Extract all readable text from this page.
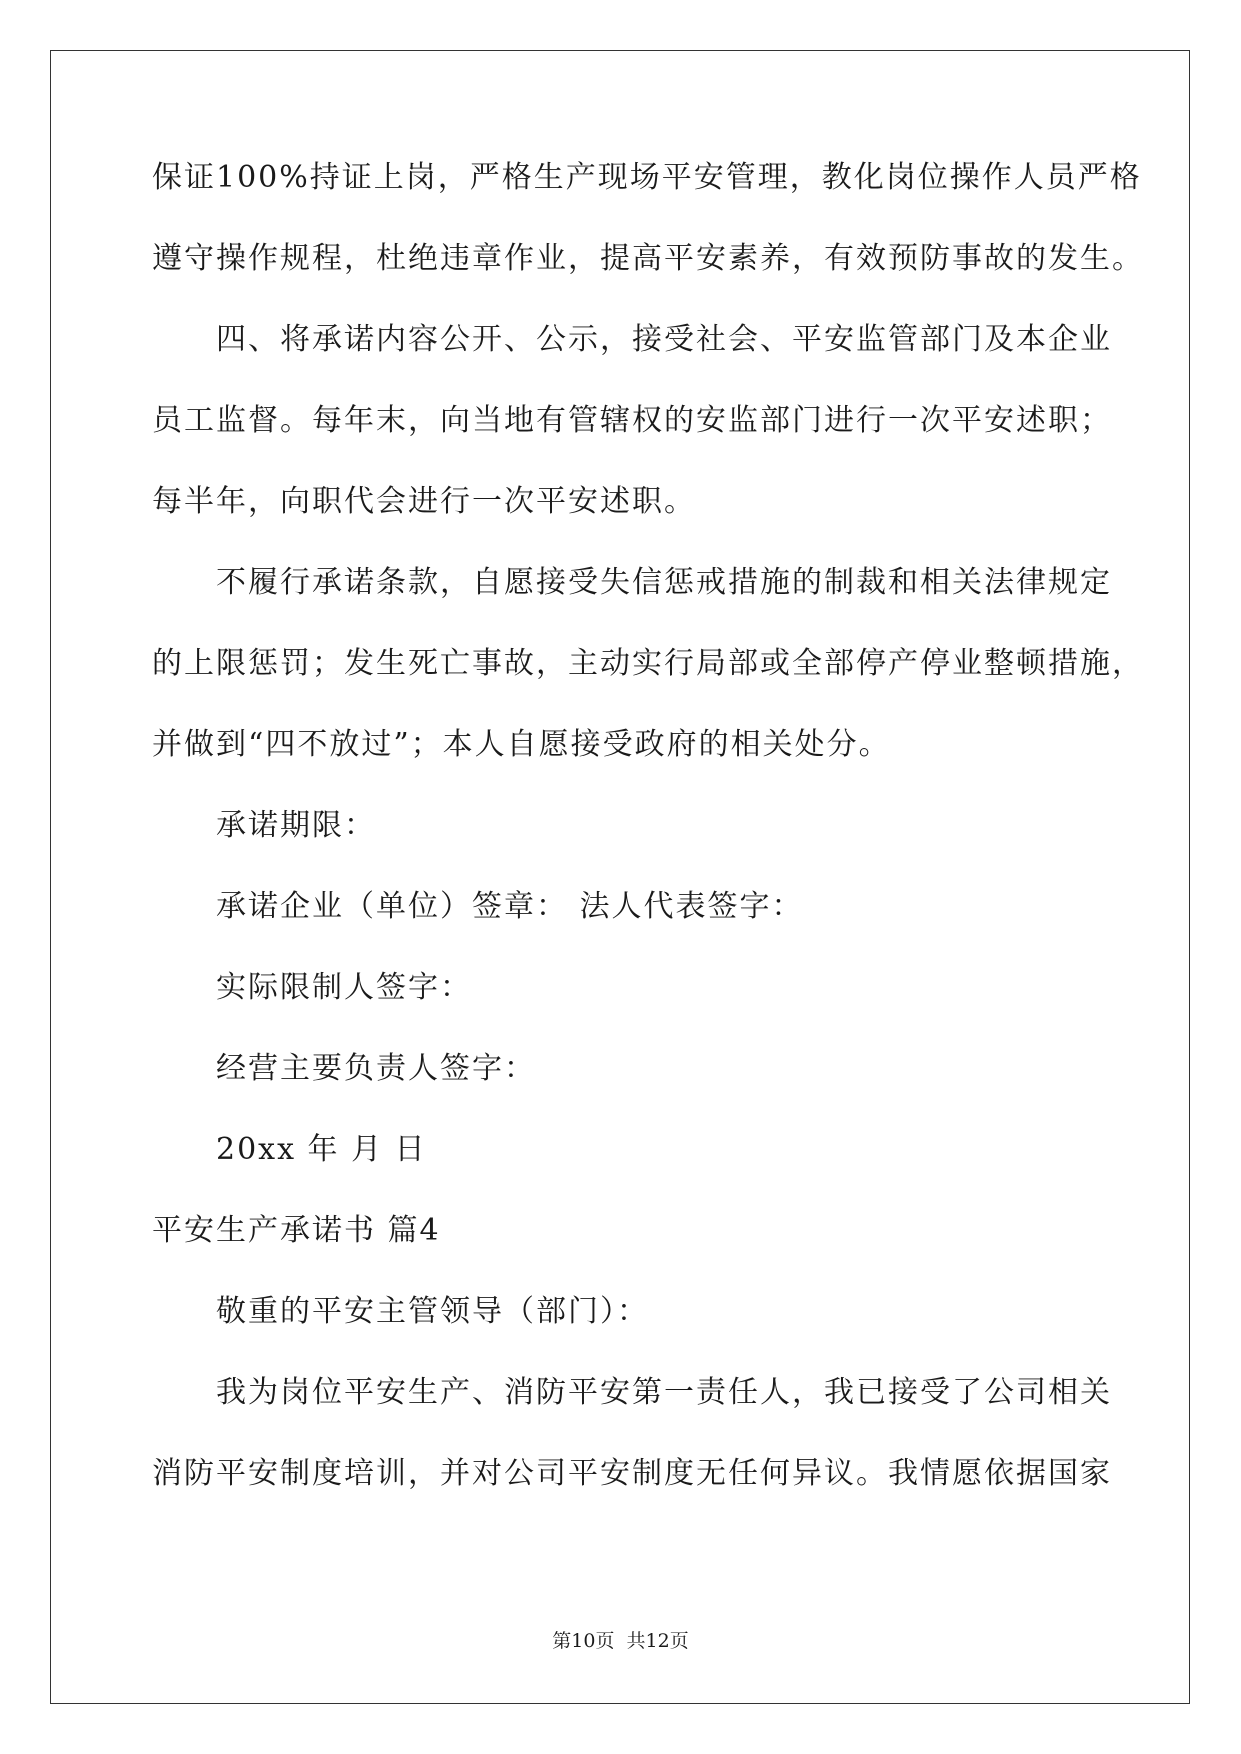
保证100%持证上岗，严格生产现场平安管理，教化岗位操作人员严格
遵守操作规程，杜绝违章作业，提高平安素养，有效预防事故的发生。
四、将承诺内容公开、公示，接受社会、平安监管部门及本企业
员工监督。每年末，向当地有管辖权的安监部门进行一次平安述职；
每半年，向职代会进行一次平安述职。
不履行承诺条款，自愿接受失信惩戒措施的制裁和相关法律规定
的上限惩罚；发生死亡事故，主动实行局部或全部停产停业整顿措施，
并做到“四不放过”；本人自愿接受政府的相关处分。
承诺期限：
承诺企业（单位）签章： 法人代表签字：
实际限制人签字：
经营主要负责人签字：
20xx 年 月 日
平安生产承诺书 篇4
敬重的平安主管领导（部门）：
我为岗位平安生产、消防平安第一责任人，我已接受了公司相关
消防平安制度培训，并对公司平安制度无任何异议。我情愿依据国家
第10页 共12页
